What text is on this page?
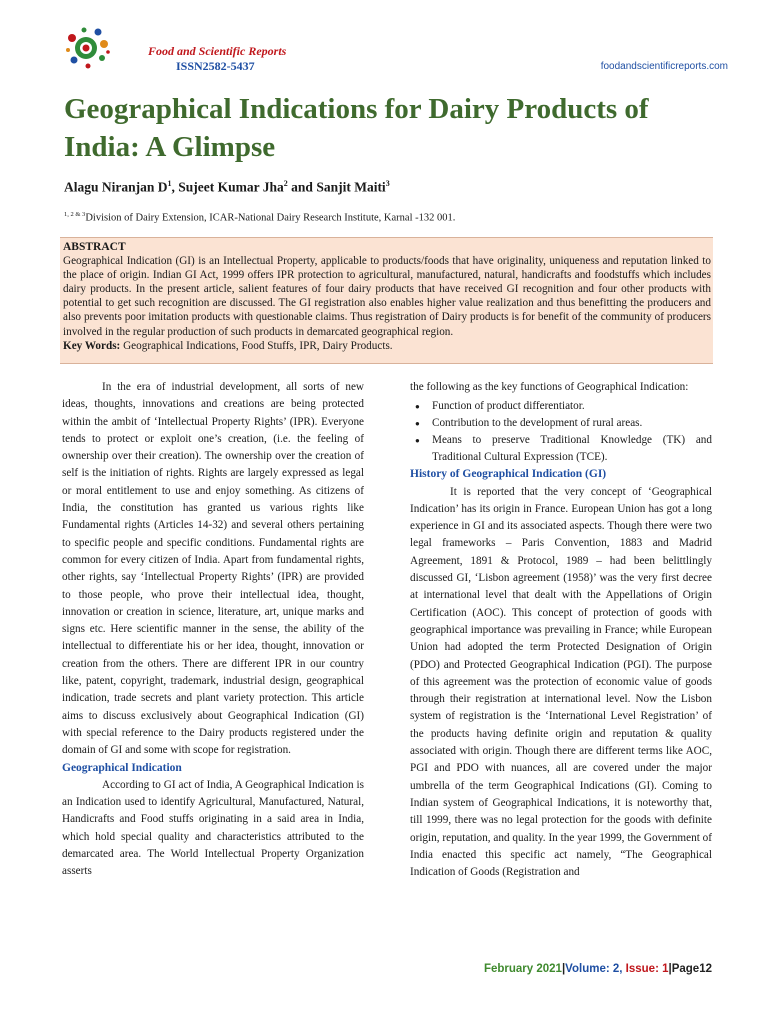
Food and Scientific Reports
ISSN2582-5437	foodandscientificreports.com
Geographical Indications for Dairy Products of India: A Glimpse
Alagu Niranjan $D^1$, Sujeet Kumar Jha$^2$ and Sanjit Maiti$^3$
$^{1, 2 \& 3}$Division of Dairy Extension, ICAR-National Dairy Research Institute, Karnal -132 001.
ABSTRACT
Geographical Indication (GI) is an Intellectual Property, applicable to products/foods that have originality, uniqueness and reputation linked to the place of origin. Indian GI Act, 1999 offers IPR protection to agricultural, manufactured, natural, handicrafts and foodstuffs which includes dairy products. In the present article, salient features of four dairy products that have received GI recognition and four other products with potential to get such recognition are discussed. The GI registration also enables higher value realization and thus benefitting the producers and also prevents poor imitation products with questionable claims. Thus registration of Dairy products is for benefit of the community of producers involved in the regular production of such products in demarcated geographical region.
Key Words: Geographical Indications, Food Stuffs, IPR, Dairy Products.

In the era of industrial development, all sorts of new ideas, thoughts, innovations and creations are being protected within the ambit of ‘Intellectual Property Rights’ (IPR). Everyone tends to protect or exploit one’s creation, (i.e. the feeling of ownership over their creation). The ownership over the creation of self is the initiation of rights. Rights are largely expressed as legal or moral entitlement to use and enjoy something. As citizens of India, the constitution has granted us various rights like Fundamental rights (Articles 14-32) and several others pertaining to specific people and specific conditions. Fundamental rights are common for every citizen of India. Apart from fundamental rights, other rights, say ‘Intellectual Property Rights’ (IPR) are provided to those people, who prove their intellectual idea, thought, innovation or creation in science, literature, art, unique marks and signs etc. Here scientific manner in the sense, the ability of the intellectual to differentiate his or her idea, thought, innovation or creation from the others. There are different IPR in our country like, patent, copyright, trademark, industrial design, geographical indication, trade secrets and plant variety protection. This article aims to discuss exclusively about Geographical Indication (GI) with special reference to the Dairy products registered under the domain of GI and some with scope for registration.

Geographical Indication

According to GI act of India, A Geographical Indication is an Indication used to identify Agricultural, Manufactured, Natural, Handicrafts and Food stuffs originating in a said area in India, which hold special quality and characteristics attributed to the demarcated area. The World Intellectual Property Organization asserts

the following as the key functions of Geographical Indication:

● Function of product differentiator.
● Contribution to the development of rural areas.
● Means to preserve Traditional Knowledge (TK) and Traditional Cultural Expression (TCE).

History of Geographical Indication (GI)

It is reported that the very concept of ‘Geographical Indication’ has its origin in France. European Union has got a long experience in GI and its associated aspects. Though there were two legal frameworks – Paris Convention, 1883 and Madrid Agreement, 1891 & Protocol, 1989 – had been belittlingly discussed GI, ‘Lisbon agreement (1958)’ was the very first decree at international level that dealt with the Appellations of Origin Certification (AOC). This concept of protection of goods with geographical importance was prevailing in France; while European Union had adopted the term Protected Designation of Origin (PDO) and Protected Geographical Indication (PGI). The purpose of this agreement was the protection of economic value of goods through their registration at international level. Now the Lisbon system of registration is the ‘International Level Registration’ of the products having definite origin and reputation & quality associated with origin. Though there are different terms like AOC, PGI and PDO with nuances, all are covered under the major umbrella of the term Geographical Indications (GI). Coming to Indian system of Geographical Indications, it is noteworthy that, till 1999, there was no legal protection for the goods with definite origin, reputation, and quality. In the year 1999, the Government of India enacted this specific act namely, “The Geographical Indication of Goods (Registration and

February 2021|Volume: 2, Issue: 1|Page12
